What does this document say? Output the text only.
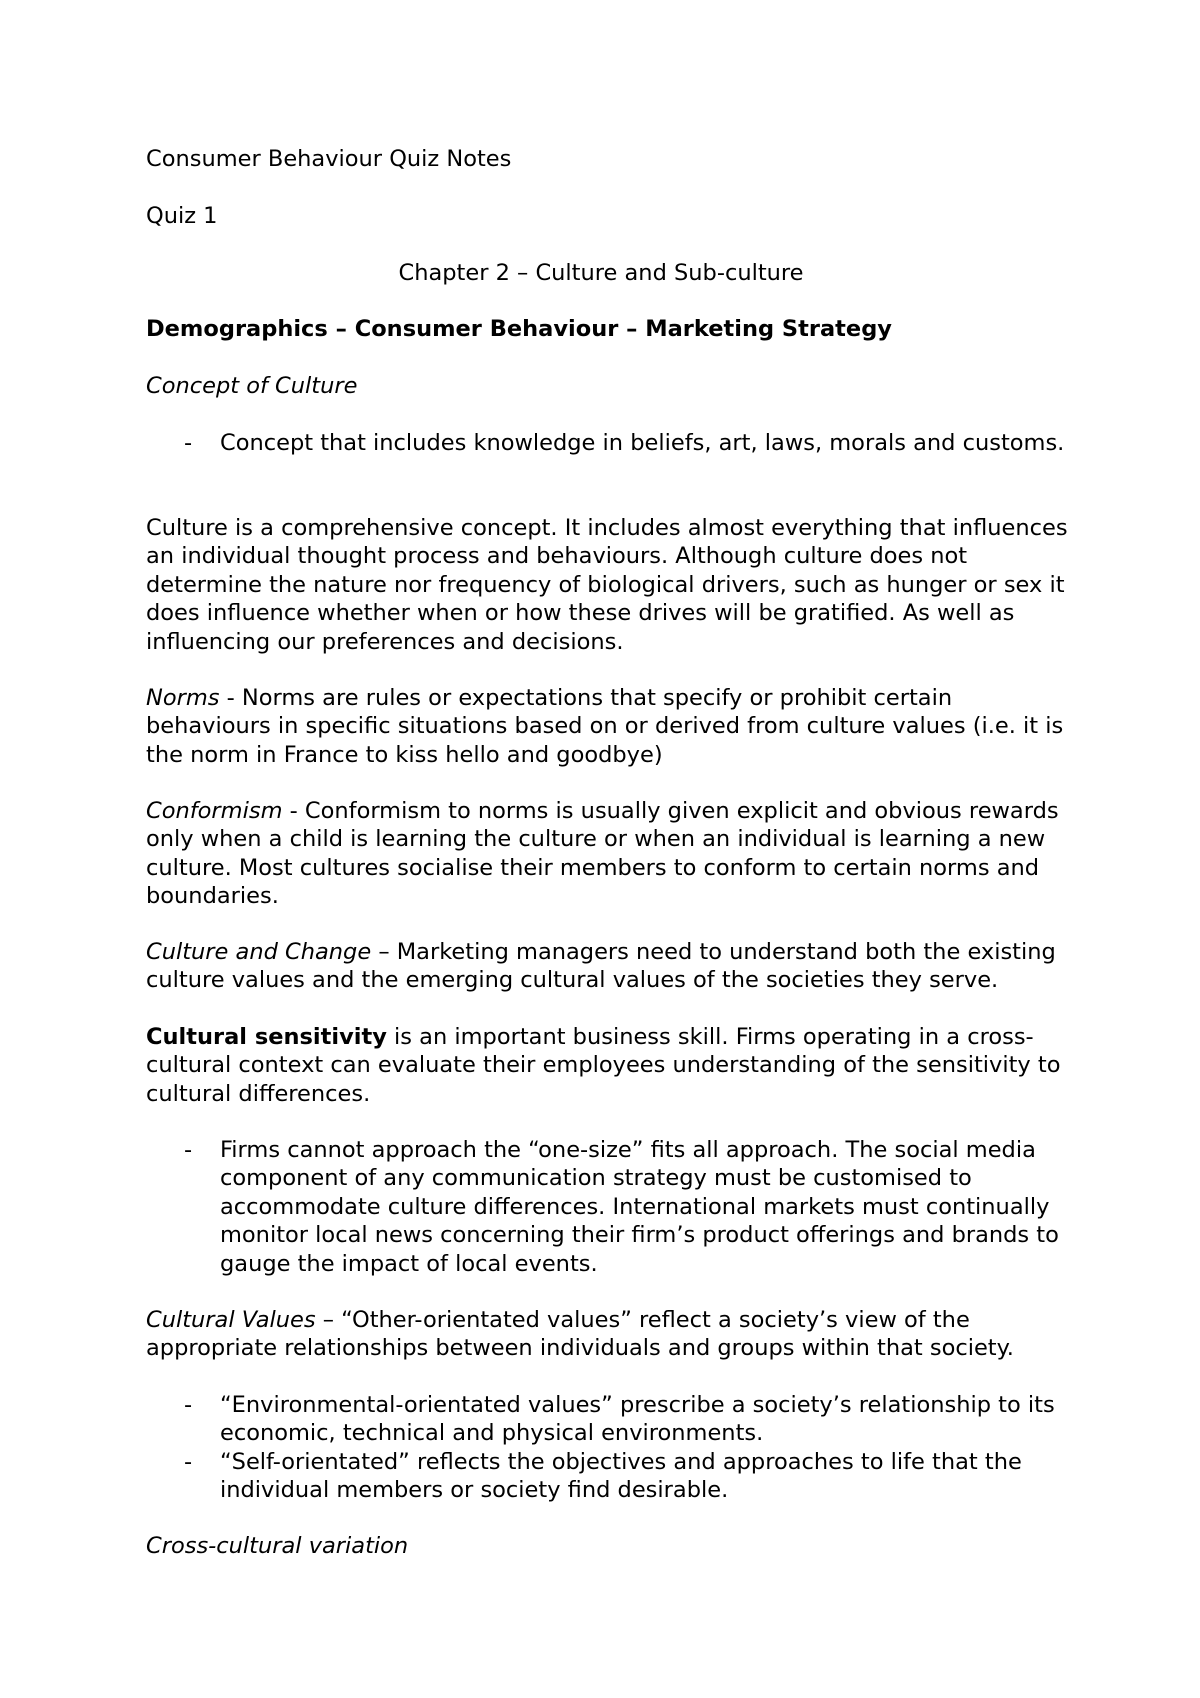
Consumer Behaviour Quiz Notes

Quiz 1

Chapter 2 – Culture and Sub-culture

Demographics – Consumer Behaviour – Marketing Strategy

Concept of Culture

- Concept that includes knowledge in beliefs, art, laws, morals and customs.

Culture is a comprehensive concept. It includes almost everything that influences an individual thought process and behaviours. Although culture does not determine the nature nor frequency of biological drivers, such as hunger or sex it does influence whether when or how these drives will be gratified. As well as influencing our preferences and decisions.

Norms - Norms are rules or expectations that specify or prohibit certain behaviours in specific situations based on or derived from culture values (i.e. it is the norm in France to kiss hello and goodbye)

Conformism - Conformism to norms is usually given explicit and obvious rewards only when a child is learning the culture or when an individual is learning a new culture. Most cultures socialise their members to conform to certain norms and boundaries.

Culture and Change – Marketing managers need to understand both the existing culture values and the emerging cultural values of the societies they serve.

Cultural sensitivity is an important business skill. Firms operating in a cross-cultural context can evaluate their employees understanding of the sensitivity to cultural differences.

- Firms cannot approach the “one-size” fits all approach. The social media component of any communication strategy must be customised to accommodate culture differences. International markets must continually monitor local news concerning their firm’s product offerings and brands to gauge the impact of local events.

Cultural Values – “Other-orientated values” reflect a society’s view of the appropriate relationships between individuals and groups within that society.

- “Environmental-orientated values” prescribe a society’s relationship to its economic, technical and physical environments.
- “Self-orientated” reflects the objectives and approaches to life that the individual members or society find desirable.

Cross-cultural variation
